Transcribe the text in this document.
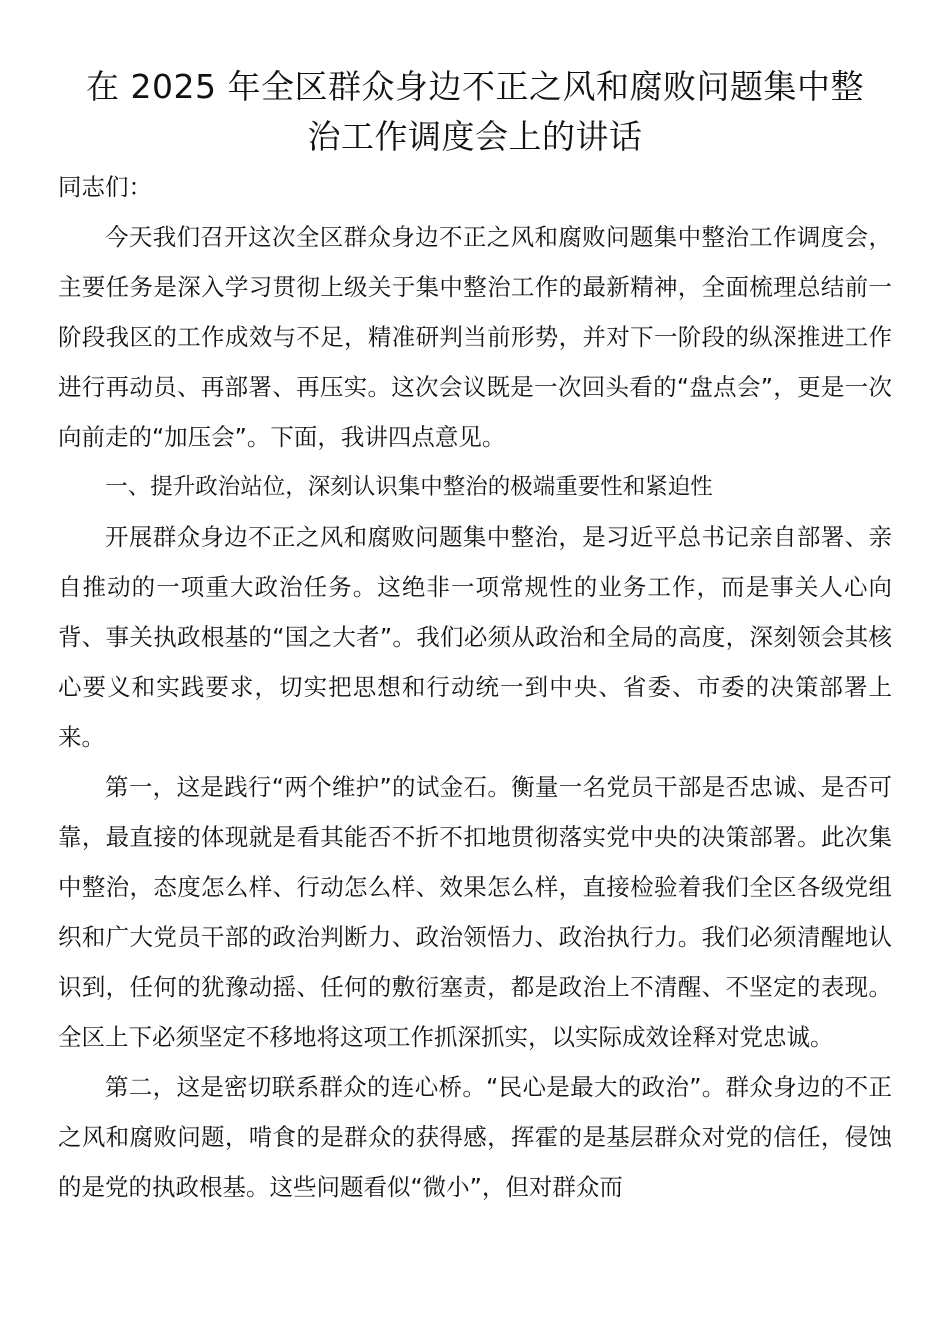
在 2025 年全区群众身边不正之风和腐败问题集中整
治工作调度会上的讲话

同志们：

今天我们召开这次全区群众身边不正之风和腐败问题集中整治工作调度会，主要任务是深入学习贯彻上级关于集中整治工作的最新精神，全面梳理总结前一阶段我区的工作成效与不足，精准研判当前形势，并对下一阶段的纵深推进工作进行再动员、再部署、再压实。这次会议既是一次回头看的“盘点会”，更是一次向前走的“加压会”。下面，我讲四点意见。

一、提升政治站位，深刻认识集中整治的极端重要性和紧迫性

开展群众身边不正之风和腐败问题集中整治，是习近平总书记亲自部署、亲自推动的一项重大政治任务。这绝非一项常规性的业务工作，而是事关人心向背、事关执政根基的“国之大者”。我们必须从政治和全局的高度，深刻领会其核心要义和实践要求，切实把思想和行动统一到中央、省委、市委的决策部署上来。

第一，这是践行“两个维护”的试金石。衡量一名党员干部是否忠诚、是否可靠，最直接的体现就是看其能否不折不扣地贯彻落实党中央的决策部署。此次集中整治，态度怎么样、行动怎么样、效果怎么样，直接检验着我们全区各级党组织和广大党员干部的政治判断力、政治领悟力、政治执行力。我们必须清醒地认识到，任何的犹豫动摇、任何的敷衍塞责，都是政治上不清醒、不坚定的表现。全区上下必须坚定不移地将这项工作抓深抓实，以实际成效诠释对党忠诚。

第二，这是密切联系群众的连心桥。“民心是最大的政治”。群众身边的不正之风和腐败问题，啃食的是群众的获得感，挥霍的是基层群众对党的信任，侵蚀的是党的执政根基。这些问题看似“微小”，但对群众而
